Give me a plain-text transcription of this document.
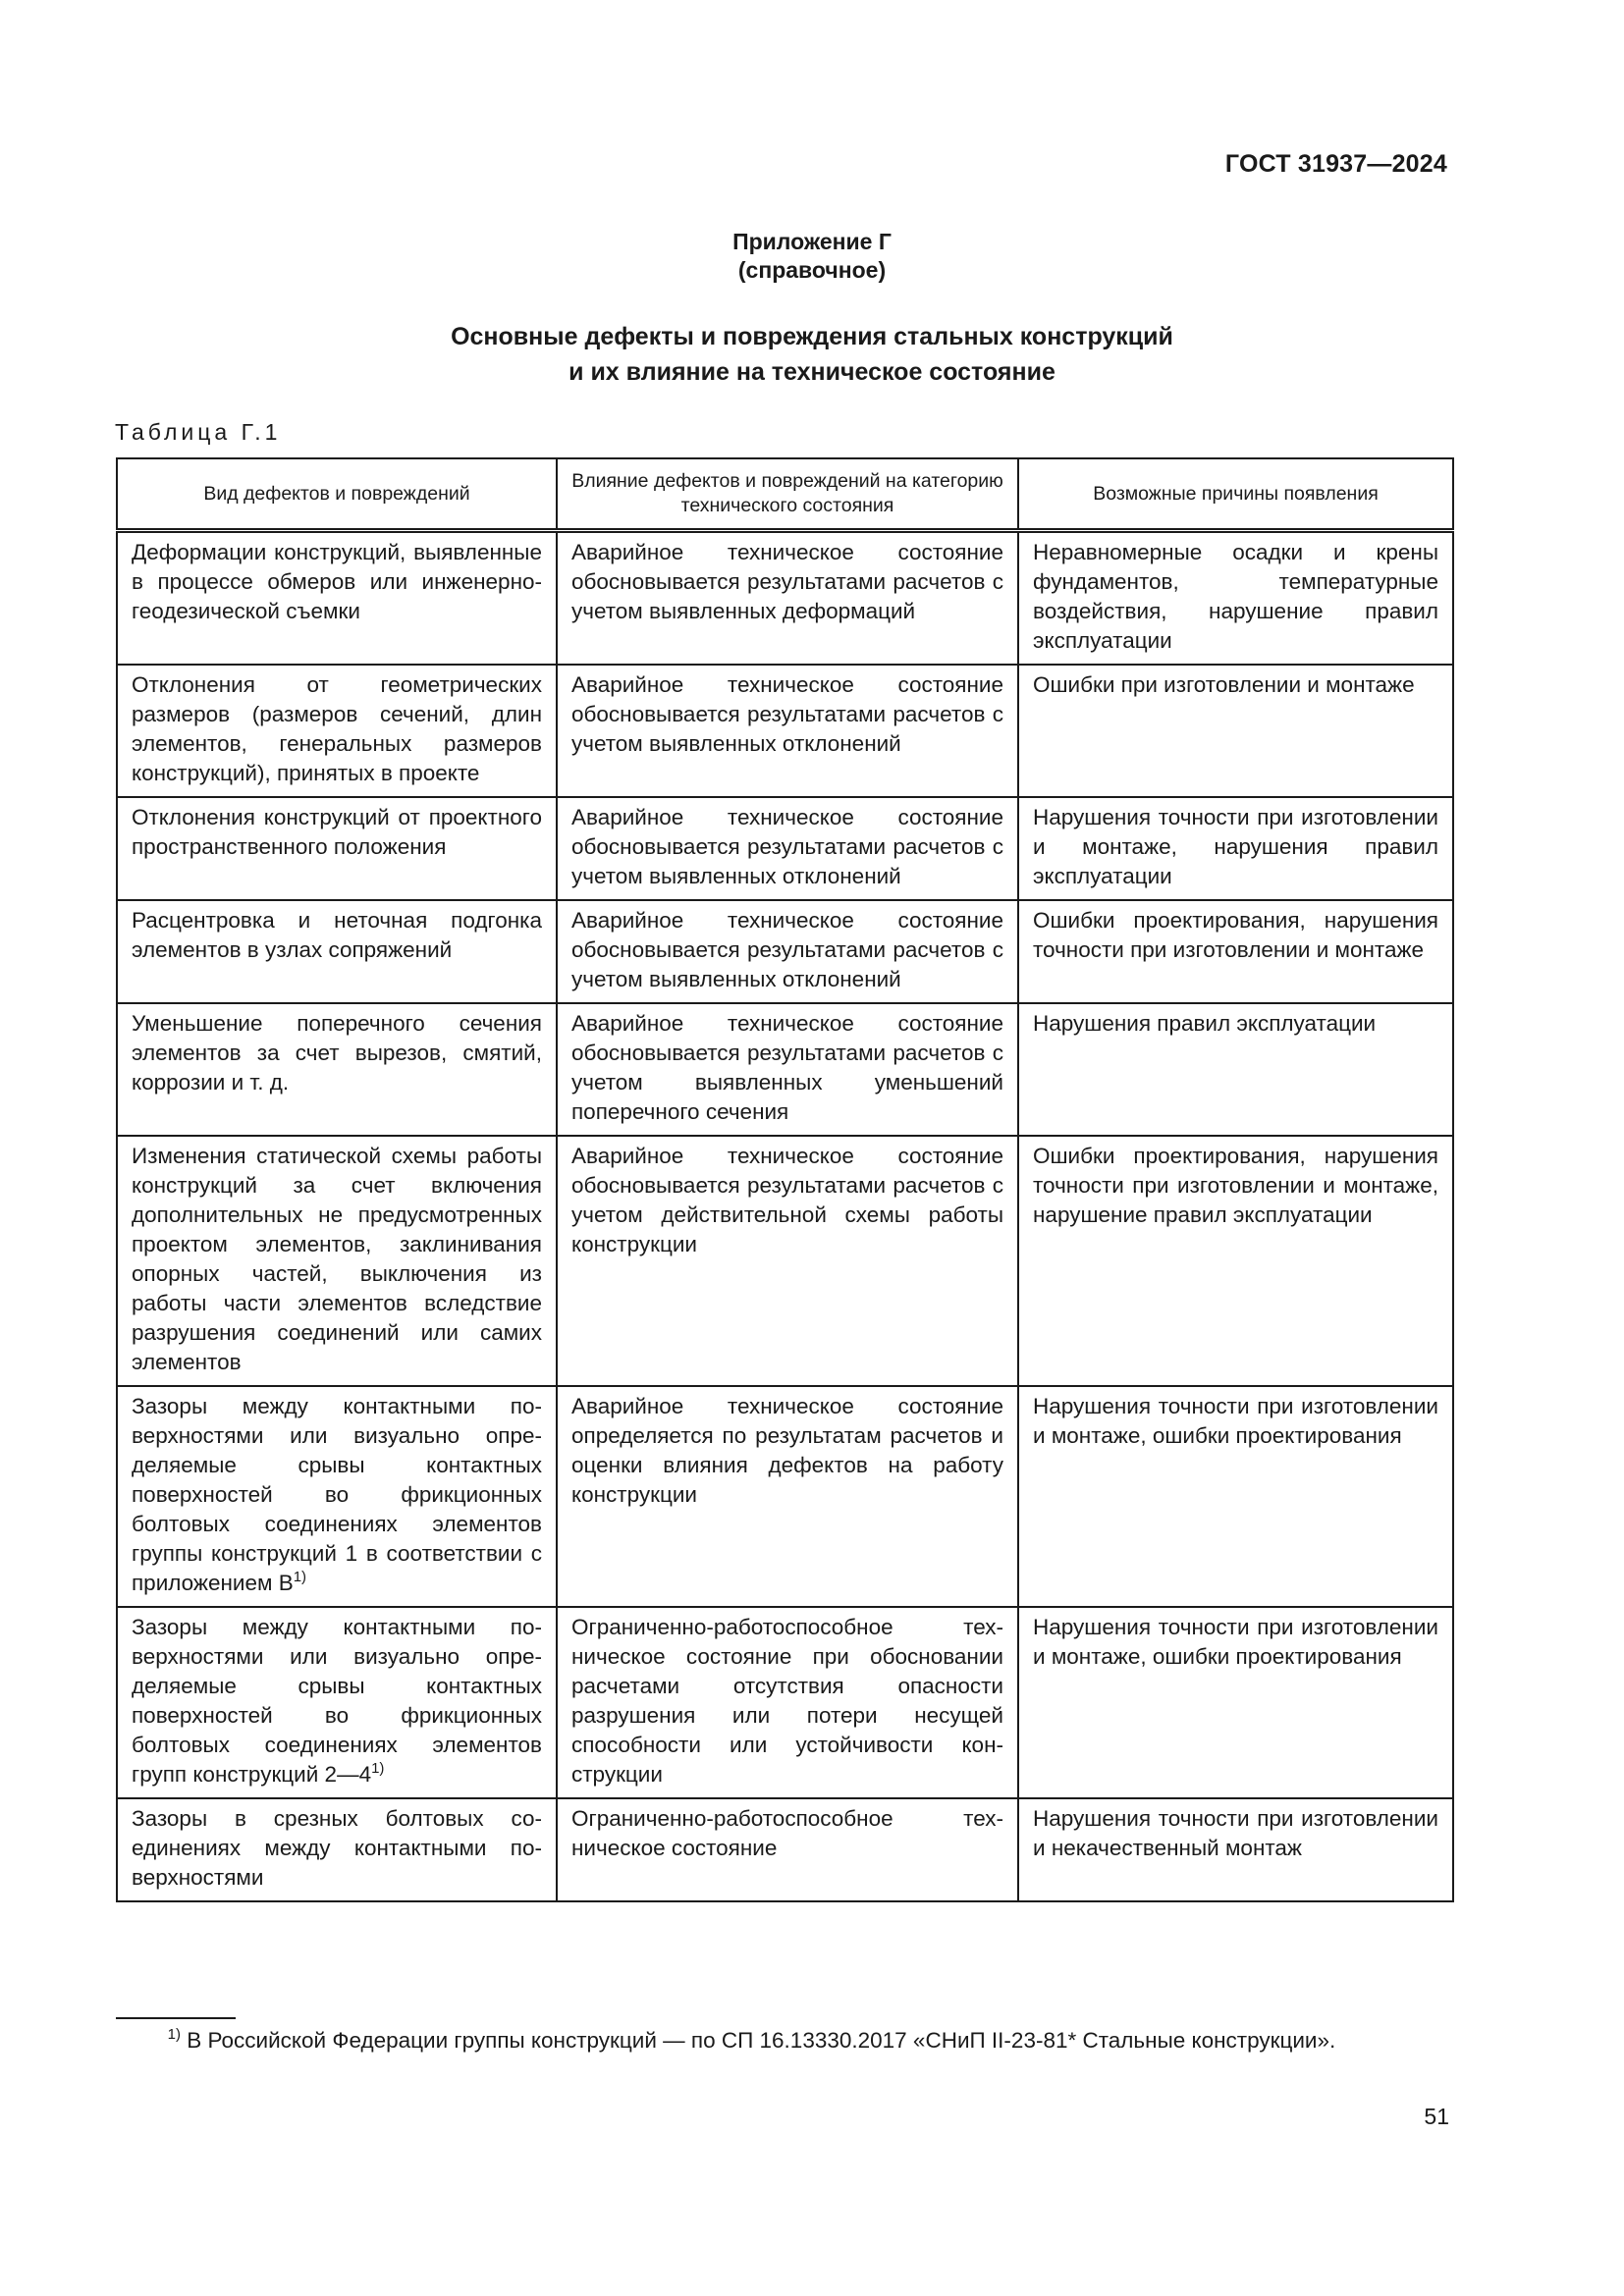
ГОСТ 31937—2024
Приложение Г
(справочное)
Основные дефекты и повреждения стальных конструкций
и их влияние на техническое состояние
Таблица Г.1
Вид дефектов и повреждений	Влияние дефектов и повреждений на категорию технического состояния	Возможные причины появления
Деформации конструкций, выявленные в процессе обмеров или инженерно-геодезической съемки	Аварийное техническое состояние обосновывается результатами расчетов с учетом выявленных деформаций	Неравномерные осадки и крены фундаментов, температурные воздействия, нарушение правил эксплуатации
Отклонения от геометрических размеров (размеров сечений, длин элементов, генеральных размеров конструкций), принятых в проекте	Аварийное техническое состояние обосновывается результатами расчетов с учетом выявленных отклонений	Ошибки при изготовлении и монтаже
Отклонения конструкций от проектного пространственного положения	Аварийное техническое состояние обосновывается результатами расчетов с учетом выявленных отклонений	Нарушения точности при изготовлении и монтаже, нарушения правил эксплуатации
Расцентровка и неточная подгонка элементов в узлах сопряжений	Аварийное техническое состояние обосновывается результатами расчетов с учетом выявленных отклонений	Ошибки проектирования, нарушения точности при изготовлении и монтаже
Уменьшение поперечного сечения элементов за счет вырезов, смятий, коррозии и т. д.	Аварийное техническое состояние обосновывается результатами расчетов с учетом выявленных уменьшений поперечного сечения	Нарушения правил эксплуатации
Изменения статической схемы работы конструкций за счет включения дополнительных не предусмотренных проектом элементов, заклинивания опорных частей, выключения из работы части элементов вследствие разрушения соединений или самих элементов	Аварийное техническое состояние обосновывается результатами расчетов с учетом действительной схемы работы конструкции	Ошибки проектирования, нарушения точности при изготовлении и монтаже, нарушение правил эксплуатации
Зазоры между контактными поверхностями или визуально определяемые срывы контактных поверхностей во фрикционных болтовых соединениях элементов группы конструкций 1 в соответствии с приложением $В^{1)}$	Аварийное техническое состояние определяется по результатам расчетов и оценки влияния дефектов на работу конструкции	Нарушения точности при изготовлении и монтаже, ошибки проектирования
Зазоры между контактными поверхностями или визуально определяемые срывы контактных поверхностей во фрикционных болтовых соединениях элементов групп конструкций 2—4$^{1)}$	Ограниченно-работоспособное техническое состояние при обосновании расчетами отсутствия опасности разрушения или потери несущей способности или устойчивости конструкции	Нарушения точности при изготовлении и монтаже, ошибки проектирования
Зазоры в срезных болтовых соединениях между контактными поверхностями	Ограниченно-работоспособное техническое состояние	Нарушения точности при изготовлении и некачественный монтаж
$^{1)}$ В Российской Федерации группы конструкций — по СП 16.13330.2017 «СНиП II-23-81* Стальные конструкции».
51
